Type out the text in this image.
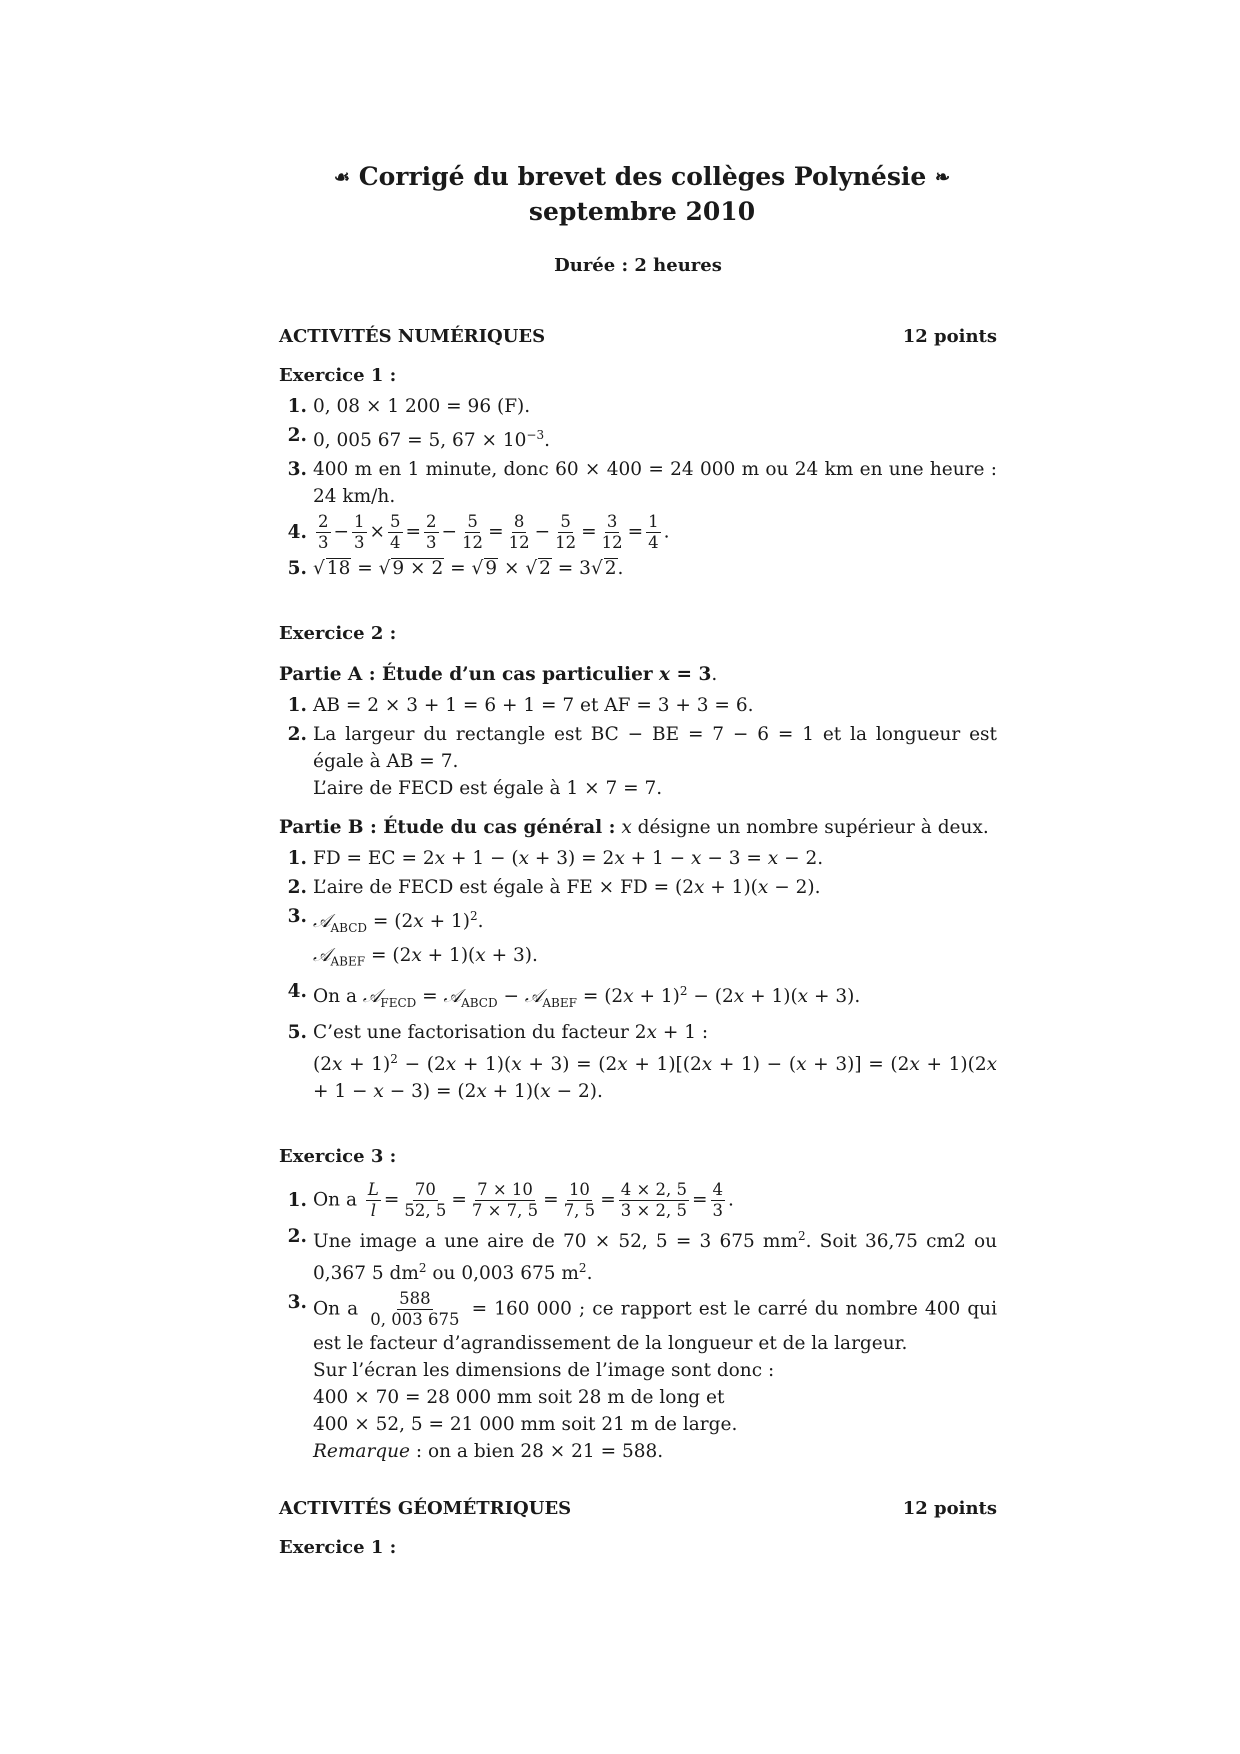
☙ Corrigé du brevet des collèges Polynésie ❧
septembre 2010
Durée : 2 heures
ACTIVITÉS NUMÉRIQUES	12 points
Exercice 1 :
1. 0, 08 × 1 200 = 96 (F).
2. 0, 005 67 = 5, $67 \times 10^{-3}$.
3. 400 m en 1 minute, donc 60 × 400 = 24 000 m ou 24 km en une heure : 24 km/h.
4. $\frac{2}{3} - \frac{1}{3} \times \frac{5}{4} = \frac{2}{3} - \frac{5}{12} = \frac{8}{12} - \frac{5}{12} = \frac{3}{12} = \frac{1}{4}$ .
5. √ 18 = √ 9 × 2 = √ 9 × √ 2 = 3√ 2.
Exercice 2 :
Partie A : Étude d’un cas particulier x = 3.
1. AB = 2 × 3 + 1 = 6 + 1 = 7 et AF = 3 + 3 = 6.
2. La largeur du rectangle est BC − BE = 7 − 6 = 1 et la longueur est égale à AB = 7.
L’aire de FECD est égale à 1 × 7 = 7.
Partie B : Étude du cas général : x désigne un nombre supérieur à deux.
1. FD = EC = 2x + 1 − (x + 3) = 2x + 1 − x − 3 = x − 2.
2. L’aire de FECD est égale à FE × FD = (2x + 1)(x − 2).
3. 𝒜$_{ABCD}$ = $(2x + 1)^2$.
𝒜$_{ABEF}$ = (2x + 1)(x + 3).
4. On a 𝒜$_{FECD}$ = 𝒜$_{ABCD}$ − 𝒜$_{ABEF}$ = $(2x + 1)^2 - (2x + 1)(x + 3)$.
5. C’est une factorisation du facteur 2x + 1 :
$(2x + 1)^2 - (2x + 1)(x + 3) = (2x + 1)[(2x + 1) - (x + 3)] = (2x + 1)(2x + 1 - x - 3) = (2x + 1)(x - 2)$.
Exercice 3 :
1. On a $\frac{L}{l} = \frac{70}{52, 5} = \frac{7 \times 10}{7 \times 7, 5} = \frac{10}{7, 5} = \frac{4 \times 2, 5}{3 \times 2, 5} = \frac{4}{3}$ .
2. Une image a une aire de 70 × 52, 5 = 3 675 $mm^2$. Soit 36,75 cm2 ou 0,367 5 $dm^2$ ou 0,003 675 $m^2$.
3. On a $\frac{588}{0, 003 675} = 160$ 000 ; ce rapport est le carré du nombre 400 qui est le facteur d’agrandissement de la longueur et de la largeur.
Sur l’écran les dimensions de l’image sont donc :
400 × 70 = 28 000 mm soit 28 m de long et
400 × 52, 5 = 21 000 mm soit 21 m de large.
Remarque : on a bien 28 × 21 = 588.
ACTIVITÉS GÉOMÉTRIQUES	12 points
Exercice 1 :
